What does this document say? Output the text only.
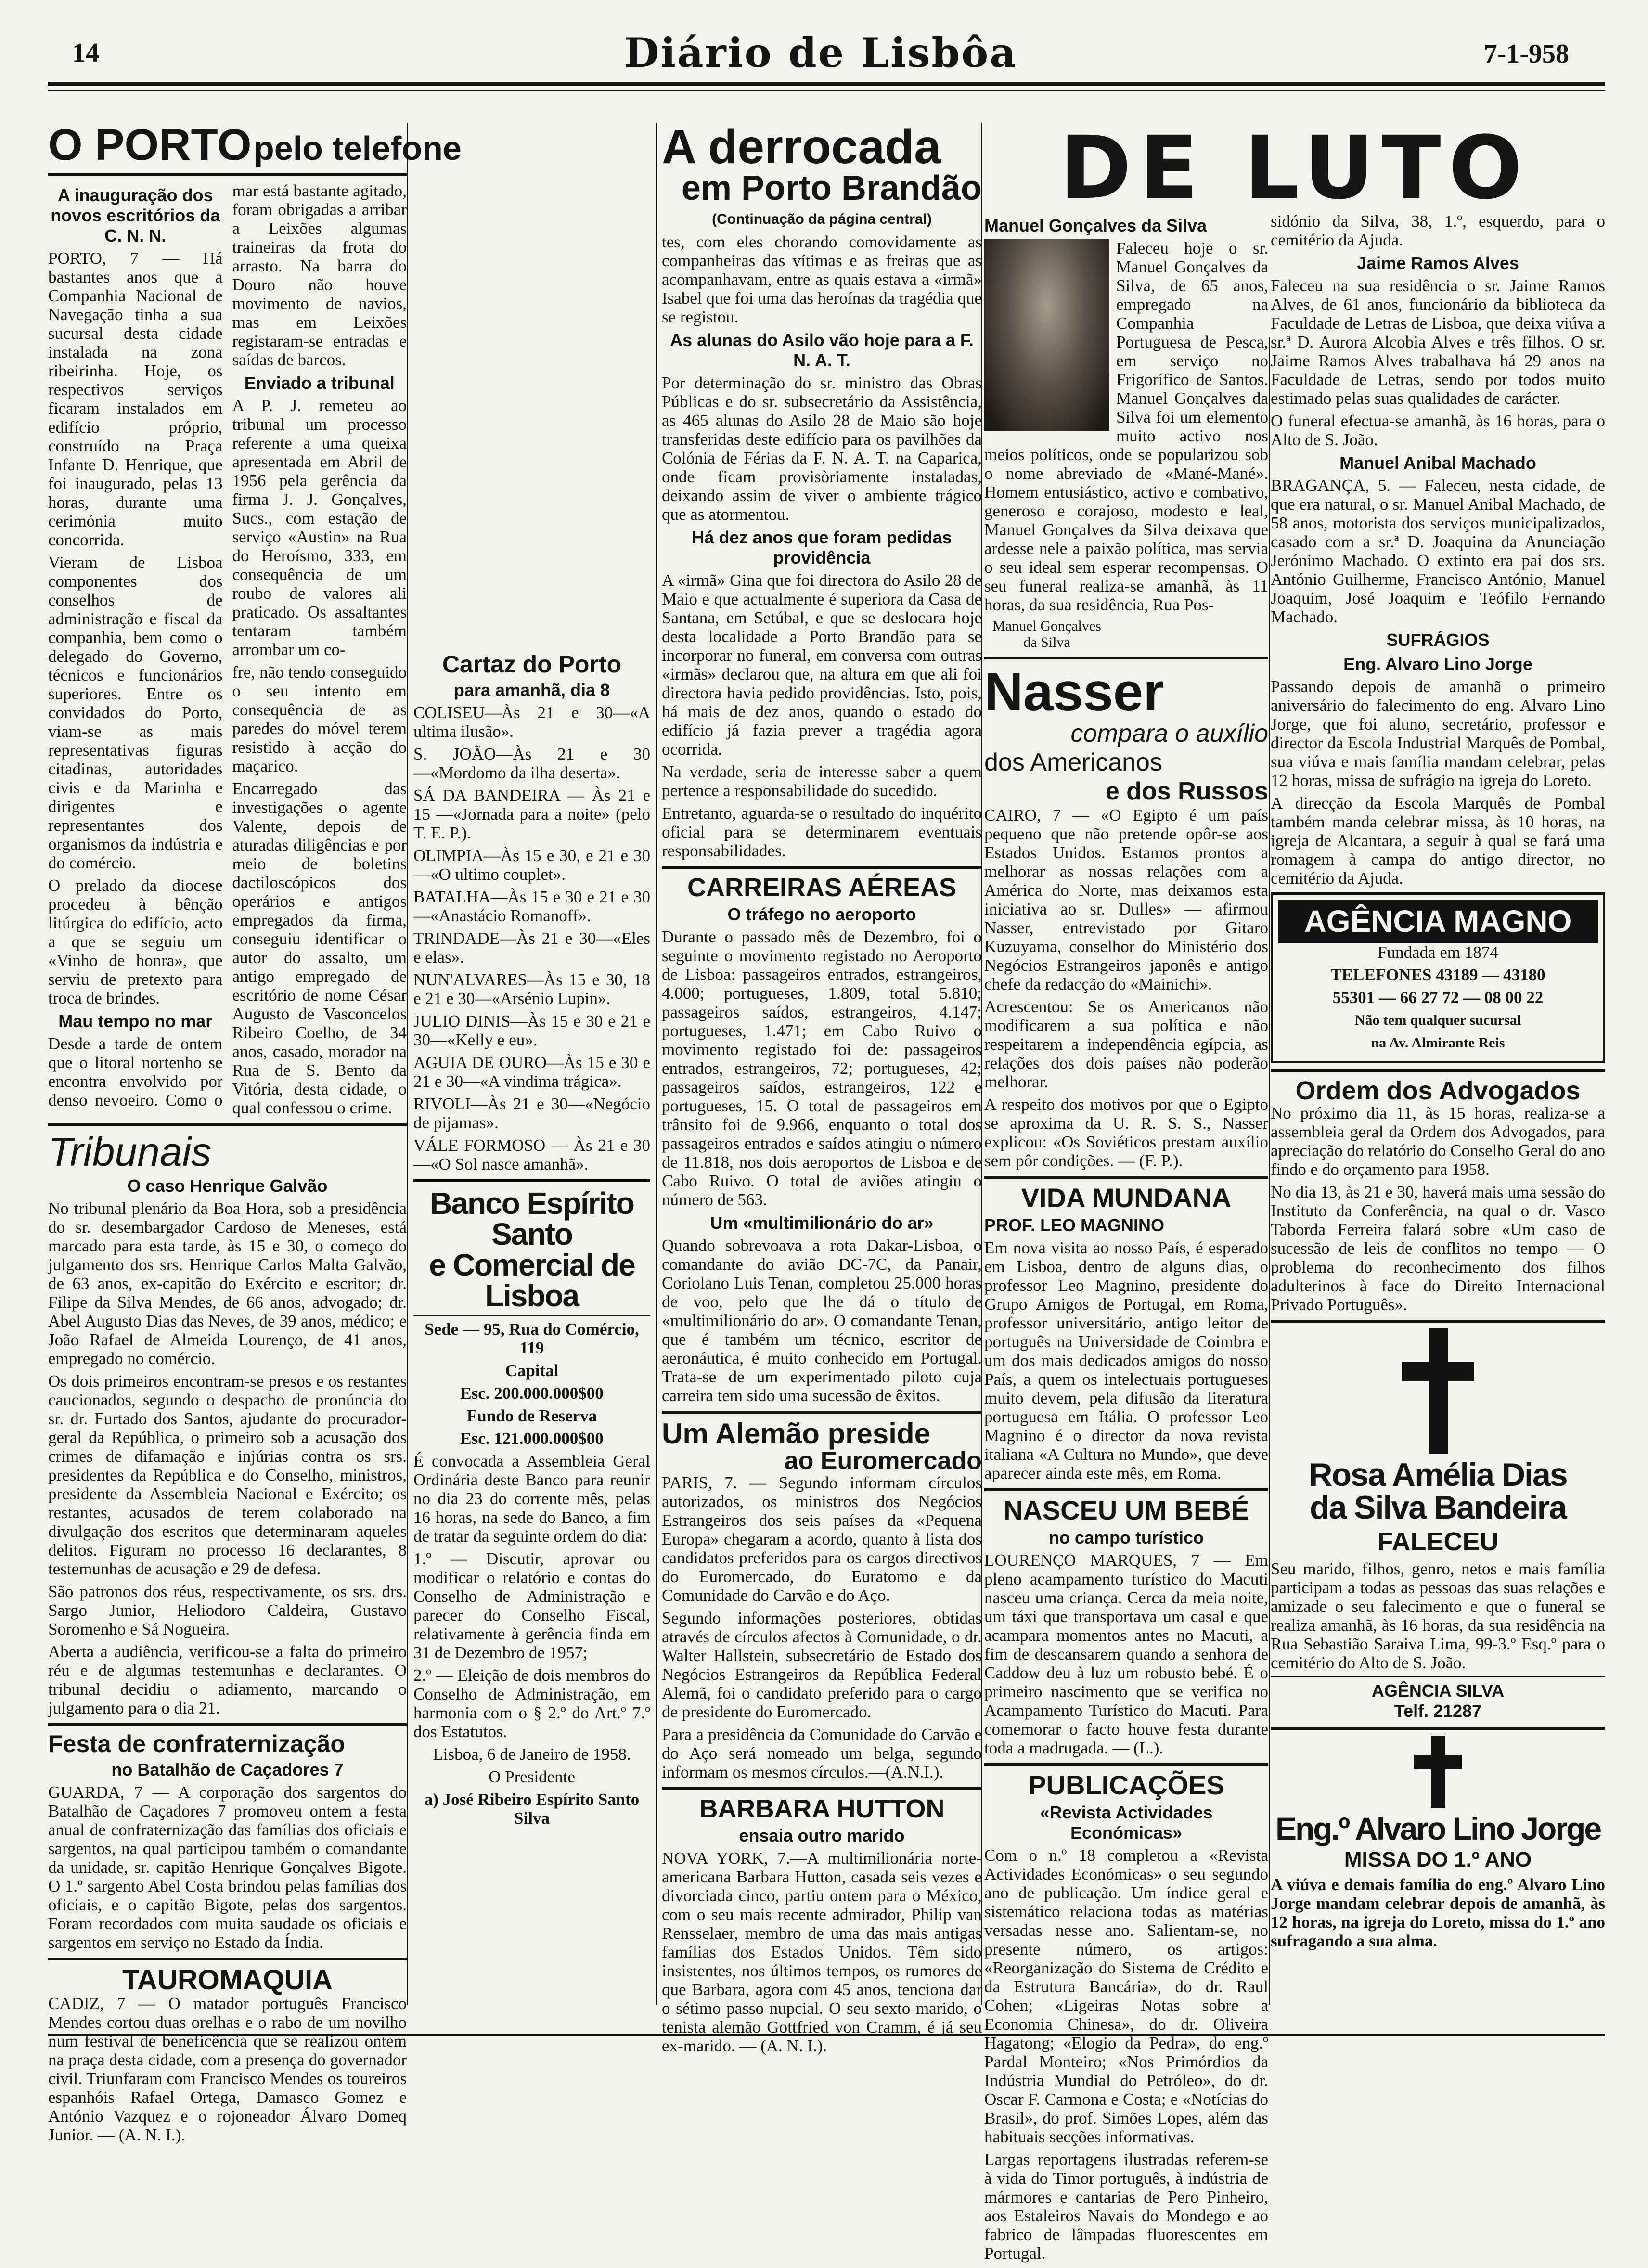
14	Diário de Lisbôa	7-1-958
O PORTO pelo telefone
A inauguração dos novos escritórios da C. N. N.

PORTO, 7 — Há bastantes anos que a Companhia Nacional de Navegação tinha a sua sucursal desta cidade instalada na zona ribeirinha. Hoje, os respectivos serviços ficaram instalados em edifício próprio, construído na Praça Infante D. Henrique, que foi inaugurado, pelas 13 horas, durante uma cerimónia muito concorrida.

Vieram de Lisboa componentes dos conselhos de administração e fiscal da companhia, bem como o delegado do Governo, técnicos e funcionários superiores. Entre os convidados do Porto, viam-se as mais representativas figuras citadinas, autoridades civis e da Marinha e dirigentes e representantes dos organismos da indústria e do comércio.

O prelado da diocese procedeu à bênção litúrgica do edifício, acto a que se seguiu um «Vinho de honra», que serviu de pretexto para troca de brindes.

Mau tempo no mar

Desde a tarde de ontem que o litoral nortenho se encontra envolvido por denso nevoeiro. Como o mar está bastante agitado, foram obrigadas a arribar a Leixões algumas traineiras da frota do arrasto. Na barra do Douro não houve movimento de navios, mas em Leixões registaram-se entradas e saídas de barcos.

Enviado a tribunal

A P. J. remeteu ao tribunal um processo referente a uma queixa apresentada em Abril de 1956 pela gerência da firma J. J. Gonçalves, Sucs., com estação de serviço «Austin» na Rua do Heroísmo, 333, em consequência de um roubo de valores ali praticado. Os assaltantes tentaram também arrombar um co-

fre, não tendo conseguido o seu intento em consequência de as paredes do móvel terem resistido à acção do maçarico.

Encarregado das investigações o agente Valente, depois de aturadas diligências e por meio de boletins dactiloscópicos dos operários e antigos empregados da firma, conseguiu identificar o autor do assalto, um antigo empregado de escritório de nome César Augusto de Vasconcelos Ribeiro Coelho, de 34 anos, casado, morador na Rua de S. Bento da Vitória, desta cidade, o qual confessou o crime.

Tribunais
O caso Henrique Galvão

No tribunal plenário da Boa Hora, sob a presidência do sr. desembargador Cardoso de Meneses, está marcado para esta tarde, às 15 e 30, o começo do julgamento dos srs. Henrique Carlos Malta Galvão, de 63 anos, ex-capitão do Exército e escritor; dr. Filipe da Silva Mendes, de 66 anos, advogado; dr. Abel Augusto Dias das Neves, de 39 anos, médico; e João Rafael de Almeida Lourenço, de 41 anos, empregado no comércio.

Os dois primeiros encontram-se presos e os restantes caucionados, segundo o despacho de pronúncia do sr. dr. Furtado dos Santos, ajudante do procurador-geral da República, o primeiro sob a acusação dos crimes de difamação e injúrias contra os srs. presidentes da República e do Conselho, ministros, presidente da Assembleia Nacional e Exército; os restantes, acusados de terem colaborado na divulgação dos escritos que determinaram aqueles delitos. Figuram no processo 16 declarantes, 8 testemunhas de acusação e 29 de defesa.

São patronos dos réus, respectivamente, os srs. drs. Sargo Junior, Heliodoro Caldeira, Gustavo Soromenho e Sá Nogueira.

Aberta a audiência, verificou-se a falta do primeiro réu e de algumas testemunhas e declarantes. O tribunal decidiu o adiamento, marcando o julgamento para o dia 21.

Festa de confraternização
no Batalhão de Caçadores 7

GUARDA, 7 — A corporação dos sargentos do Batalhão de Caçadores 7 promoveu ontem a festa anual de confraternização das famílias dos oficiais e sargentos, na qual participou também o comandante da unidade, sr. capitão Henrique Gonçalves Bigote. O 1.º sargento Abel Costa brindou pelas famílias dos oficiais, e o capitão Bigote, pelas dos sargentos. Foram recordados com muita saudade os oficiais e sargentos em serviço no Estado da Índia.

TAUROMAQUIA

CADIZ, 7 — O matador português Francisco Mendes cortou duas orelhas e o rabo de um novilho num festival de beneficência que se realizou ontem na praça desta cidade, com a presença do governador civil. Triunfaram com Francisco Mendes os toureiros espanhóis Rafael Ortega, Damasco Gomez e António Vazquez e o rojoneador Álvaro Domeq Junior. — (A. N. I.).

Cartaz do Porto
para amanhã, dia 8

COLISEU—Às 21 e 30—«A ultima ilusão».

S. JOÃO—Às 21 e 30—«Mordomo da ilha deserta».

SÁ DA BANDEIRA — Às 21 e 15 —«Jornada para a noite» (pelo T. E. P.).

OLIMPIA—Às 15 e 30, e 21 e 30—«O ultimo couplet».

BATALHA—Às 15 e 30 e 21 e 30—«Anastácio Romanoff».

TRINDADE—Às 21 e 30—«Eles e elas».

NUN'ALVARES—Às 15 e 30, 18 e 21 e 30—«Arsénio Lupin».

JULIO DINIS—Às 15 e 30 e 21 e 30—«Kelly e eu».

AGUIA DE OURO—Às 15 e 30 e 21 e 30—«A vindima trágica».

RIVOLI—Às 21 e 30—«Negócio de pijamas».

VÁLE FORMOSO — Às 21 e 30 —«O Sol nasce amanhã».

Banco Espírito Santo
e Comercial de Lisboa
Sede — 95, Rua do Comércio, 119
Capital
Esc. 200.000.000$00
Fundo de Reserva
Esc. 121.000.000$00

É convocada a Assembleia Geral Ordinária deste Banco para reunir no dia 23 do corrente mês, pelas 16 horas, na sede do Banco, a fim de tratar da seguinte ordem do dia:

1.º — Discutir, aprovar ou modificar o relatório e contas do Conselho de Administração e parecer do Conselho Fiscal, relativamente à gerência finda em 31 de Dezembro de 1957;

2.º — Eleição de dois membros do Conselho de Administração, em harmonia com o § 2.º do Art.º 7.º dos Estatutos.

Lisboa, 6 de Janeiro de 1958.
O Presidente
a) José Ribeiro Espírito Santo Silva
A derrocada
em Porto Brandão
(Continuação da página central)

tes, com eles chorando comovidamente as companheiras das vítimas e as freiras que as acompanhavam, entre as quais estava a «irmã» Isabel que foi uma das heroínas da tragédia que se registou.

As alunas do Asilo vão hoje para a F. N. A. T.

Por determinação do sr. ministro das Obras Públicas e do sr. subsecretário da Assistência, as 465 alunas do Asilo 28 de Maio são hoje transferidas deste edifício para os pavilhões da Colónia de Férias da F. N. A. T. na Caparica, onde ficam provisòriamente instaladas, deixando assim de viver o ambiente trágico que as atormentou.

Há dez anos que foram pedidas providência

A «irmã» Gina que foi directora do Asilo 28 de Maio e que actualmente é superiora da Casa de Santana, em Setúbal, e que se deslocara hoje desta localidade a Porto Brandão para se incorporar no funeral, em conversa com outras «irmãs» declarou que, na altura em que ali foi directora havia pedido providências. Isto, pois, há mais de dez anos, quando o estado do edifício já fazia prever a tragédia agora ocorrida.

Na verdade, seria de interesse saber a quem pertence a responsabilidade do sucedido.

Entretanto, aguarda-se o resultado do inquérito oficial para se determinarem eventuais responsabilidades.

CARREIRAS AÉREAS
O tráfego no aeroporto

Durante o passado mês de Dezembro, foi o seguinte o movimento registado no Aeroporto de Lisboa: passageiros entrados, estrangeiros, 4.000; portugueses, 1.809, total 5.810; passageiros saídos, estrangeiros, 4.147; portugueses, 1.471; em Cabo Ruivo o movimento registado foi de: passageiros entrados, estrangeiros, 72; portugueses, 42; passageiros saídos, estrangeiros, 122 e portugueses, 15. O total de passageiros em trânsito foi de 9.966, enquanto o total dos passageiros entrados e saídos atingiu o número de 11.818, nos dois aeroportos de Lisboa e de Cabo Ruivo. O total de aviões atingiu o número de 563.

Um «multimilionário do ar»

Quando sobrevoava a rota Dakar-Lisboa, o comandante do avião DC-7C, da Panair, Coriolano Luis Tenan, completou 25.000 horas de voo, pelo que lhe dá o título de «multimilionário do ar». O comandante Tenan, que é também um técnico, escritor de aeronáutica, é muito conhecido em Portugal. Trata-se de um experimentado piloto cuja carreira tem sido uma sucessão de êxitos.

Um Alemão preside
ao Euromercado

PARIS, 7. — Segundo informam círculos autorizados, os ministros dos Negócios Estrangeiros dos seis países da «Pequena Europa» chegaram a acordo, quanto à lista dos candidatos preferidos para os cargos directivos do Euromercado, do Euratomo e da Comunidade do Carvão e do Aço.

Segundo informações posteriores, obtidas através de círculos afectos à Comunidade, o dr. Walter Hallstein, subsecretário de Estado dos Negócios Estrangeiros da República Federal Alemã, foi o candidato preferido para o cargo de presidente do Euromercado.

Para a presidência da Comunidade do Carvão e do Aço será nomeado um belga, segundo informam os mesmos círculos.—(A.N.I.).

BARBARA HUTTON
ensaia outro marido

NOVA YORK, 7.—A multimilionária norte-americana Barbara Hutton, casada seis vezes e divorciada cinco, partiu ontem para o México, com o seu mais recente admirador, Philip van Rensselaer, membro de uma das mais antigas famílias dos Estados Unidos. Têm sido insistentes, nos últimos tempos, os rumores de que Barbara, agora com 45 anos, tenciona dar o sétimo passo nupcial. O seu sexto marido, o tenista alemão Gottfried von Cramm, é já seu ex-marido. — (A. N. I.).

DE LUTO
Manuel Gonçalves da Silva

Faleceu hoje o sr. Manuel Gonçalves da Silva, de 65 anos, empregado na Companhia Portuguesa de Pesca, em serviço no Frigorífico de Santos. Manuel Gonçalves da Silva foi um elemento muito activo nos meios políticos, onde se popularizou sob o nome abreviado de «Mané-Mané». Homem entusiástico, activo e combativo, generoso e corajoso, modesto e leal, Manuel Gonçalves da Silva deixava que ardesse nele a paixão política, mas servia o seu ideal sem esperar recompensas. O seu funeral realiza-se amanhã, às 11 horas, da sua residência, Rua Pos-

Manuel Gonçalves da Silva
Nasser
compara o auxílio
dos Americanos
e dos Russos

CAIRO, 7 — «O Egipto é um país pequeno que não pretende opôr-se aos Estados Unidos. Estamos prontos a melhorar as nossas relações com a América do Norte, mas deixamos esta iniciativa ao sr. Dulles» — afirmou Nasser, entrevistado por Gitaro Kuzuyama, conselhor do Ministério dos Negócios Estrangeiros japonês e antigo chefe da redacção do «Mainichi».

Acrescentou: Se os Americanos não modificarem a sua política e não respeitarem a independência egípcia, as relações dos dois países não poderão melhorar.

A respeito dos motivos por que o Egipto se aproxima da U. R. S. S., Nasser explicou: «Os Soviéticos prestam auxílio sem pôr condições. — (F. P.).

VIDA MUNDANA
PROF. LEO MAGNINO

Em nova visita ao nosso País, é esperado em Lisboa, dentro de alguns dias, o professor Leo Magnino, presidente do Grupo Amigos de Portugal, em Roma, professor universitário, antigo leitor de português na Universidade de Coimbra e um dos mais dedicados amigos do nosso País, a quem os intelectuais portugueses muito devem, pela difusão da literatura portuguesa em Itália. O professor Leo Magnino é o director da nova revista italiana «A Cultura no Mundo», que deve aparecer ainda este mês, em Roma.

NASCEU UM BEBÉ
no campo turístico

LOURENÇO MARQUES, 7 — Em pleno acampamento turístico do Macuti nasceu uma criança. Cerca da meia noite, um táxi que transportava um casal e que acampara momentos antes no Macuti, a fim de descansarem quando a senhora de Caddow deu à luz um robusto bebé. É o primeiro nascimento que se verifica no Acampamento Turístico do Macuti. Para comemorar o facto houve festa durante toda a madrugada. — (L.).

PUBLICAÇÕES
«Revista Actividades Económicas»

Com o n.º 18 completou a «Revista Actividades Económicas» o seu segundo ano de publicação. Um índice geral e sistemático relaciona todas as matérias versadas nesse ano. Salientam-se, no presente número, os artigos: «Reorganização do Sistema de Crédito e da Estrutura Bancária», do dr. Raul Cohen; «Ligeiras Notas sobre a Economia Chinesa», do dr. Oliveira Hagatong; «Elogio da Pedra», do eng.º Pardal Monteiro; «Nos Primórdios da Indústria Mundial do Petróleo», do dr. Oscar F. Carmona e Costa; e «Notícias do Brasil», do prof. Simões Lopes, além das habituais secções informativas.

Largas reportagens ilustradas referem-se à vida do Timor português, à indústria de mármores e cantarias de Pero Pinheiro, aos Estaleiros Navais do Mondego e ao fabrico de lâmpadas fluorescentes em Portugal.

sidónio da Silva, 38, 1.º, esquerdo, para o cemitério da Ajuda.

Jaime Ramos Alves

Faleceu na sua residência o sr. Jaime Ramos Alves, de 61 anos, funcionário da biblioteca da Faculdade de Letras de Lisboa, que deixa viúva a sr.ª D. Aurora Alcobia Alves e três filhos. O sr. Jaime Ramos Alves trabalhava há 29 anos na Faculdade de Letras, sendo por todos muito estimado pelas suas qualidades de carácter.

O funeral efectua-se amanhã, às 16 horas, para o Alto de S. João.

Manuel Anibal Machado

BRAGANÇA, 5. — Faleceu, nesta cidade, de que era natural, o sr. Manuel Anibal Machado, de 58 anos, motorista dos serviços municipalizados, casado com a sr.ª D. Joaquina da Anunciação Jerónimo Machado. O extinto era pai dos srs. António Guilherme, Francisco António, Manuel Joaquim, José Joaquim e Teófilo Fernando Machado.

SUFRÁGIOS
Eng. Alvaro Lino Jorge

Passando depois de amanhã o primeiro aniversário do falecimento do eng. Alvaro Lino Jorge, que foi aluno, secretário, professor e director da Escola Industrial Marquês de Pombal, sua viúva e mais família mandam celebrar, pelas 12 horas, missa de sufrágio na igreja do Loreto.

A direcção da Escola Marquês de Pombal também manda celebrar missa, às 10 horas, na igreja de Alcantara, a seguir à qual se fará uma romagem à campa do antigo director, no cemitério da Ajuda.

AGÊNCIA MAGNO
Fundada em 1874
TELEFONES 43189 — 43180
55301 — 66 27 72 — 08 00 22
Não tem qualquer sucursal
na Av. Almirante Reis
Ordem dos Advogados

No próximo dia 11, às 15 horas, realiza-se a assembleia geral da Ordem dos Advogados, para apreciação do relatório do Conselho Geral do ano findo e do orçamento para 1958.

No dia 13, às 21 e 30, haverá mais uma sessão do Instituto da Conferência, na qual o dr. Vasco Taborda Ferreira falará sobre «Um caso de sucessão de leis de conflitos no tempo — O problema do reconhecimento dos filhos adulterinos à face do Direito Internacional Privado Português».

Rosa Amélia Dias
da Silva Bandeira
FALECEU

Seu marido, filhos, genro, netos e mais família participam a todas as pessoas das suas relações e amizade o seu falecimento e que o funeral se realiza amanhã, às 16 horas, da sua residência na Rua Sebastião Saraiva Lima, 99-3.º Esq.º para o cemitério do Alto de S. João.

AGÊNCIA SILVA
Telf. 21287
Eng.º Alvaro Lino Jorge
MISSA DO 1.º ANO

A viúva e demais família do eng.º Alvaro Lino Jorge mandam celebrar depois de amanhã, às 12 horas, na igreja do Loreto, missa do 1.º ano sufragando a sua alma.
